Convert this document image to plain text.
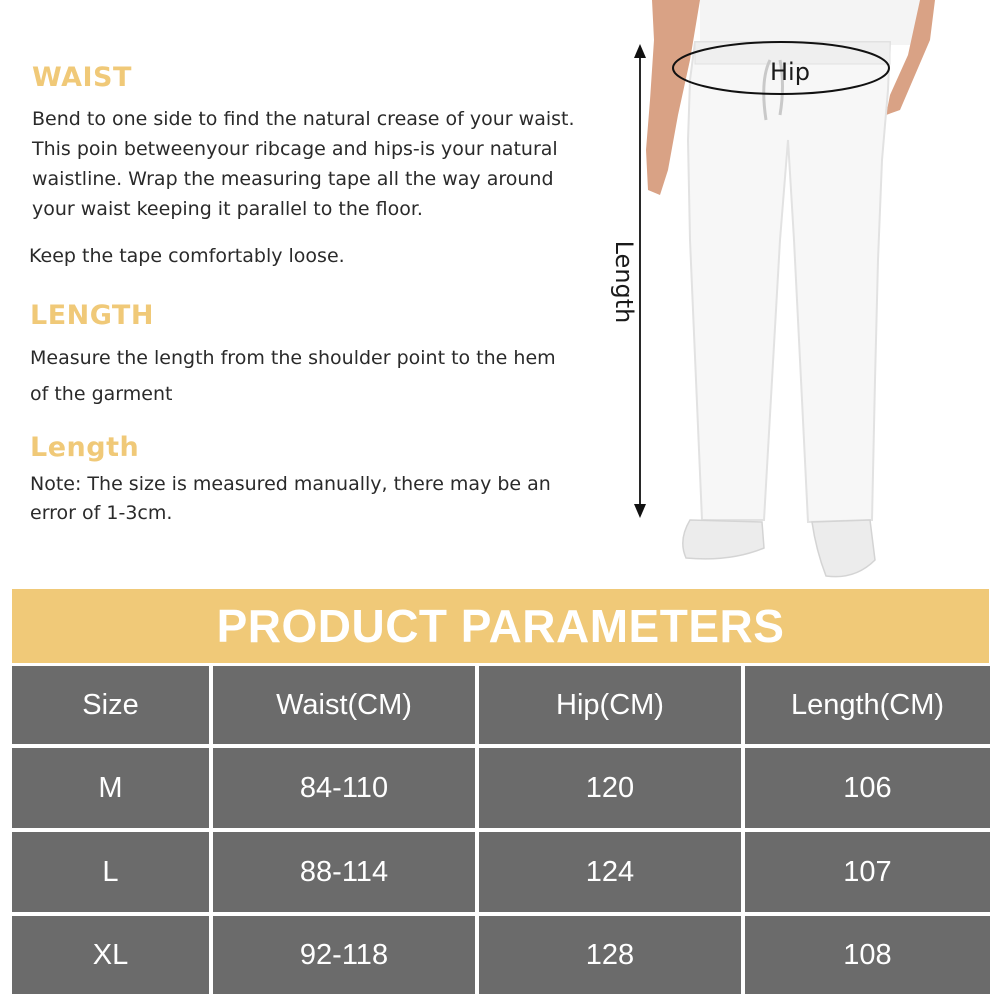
WAIST
Bend to one side to find the natural crease of your waist. This poin betweenyour ribcage and hips-is your natural waistline. Wrap the measuring tape all the way around your waist keeping it parallel to the floor.
Keep the tape comfortably loose.
LENGTH
Measure the length from the shoulder point to the hem of the garment
Length
Note: The size is measured manually, there may be an error of 1-3cm.
Hip
Length
PRODUCT PARAMETERS
Size	Waist(CM)	Hip(CM)	Length(CM)
M	84-110	120	106
L	88-114	124	107
XL	92-118	128	108
